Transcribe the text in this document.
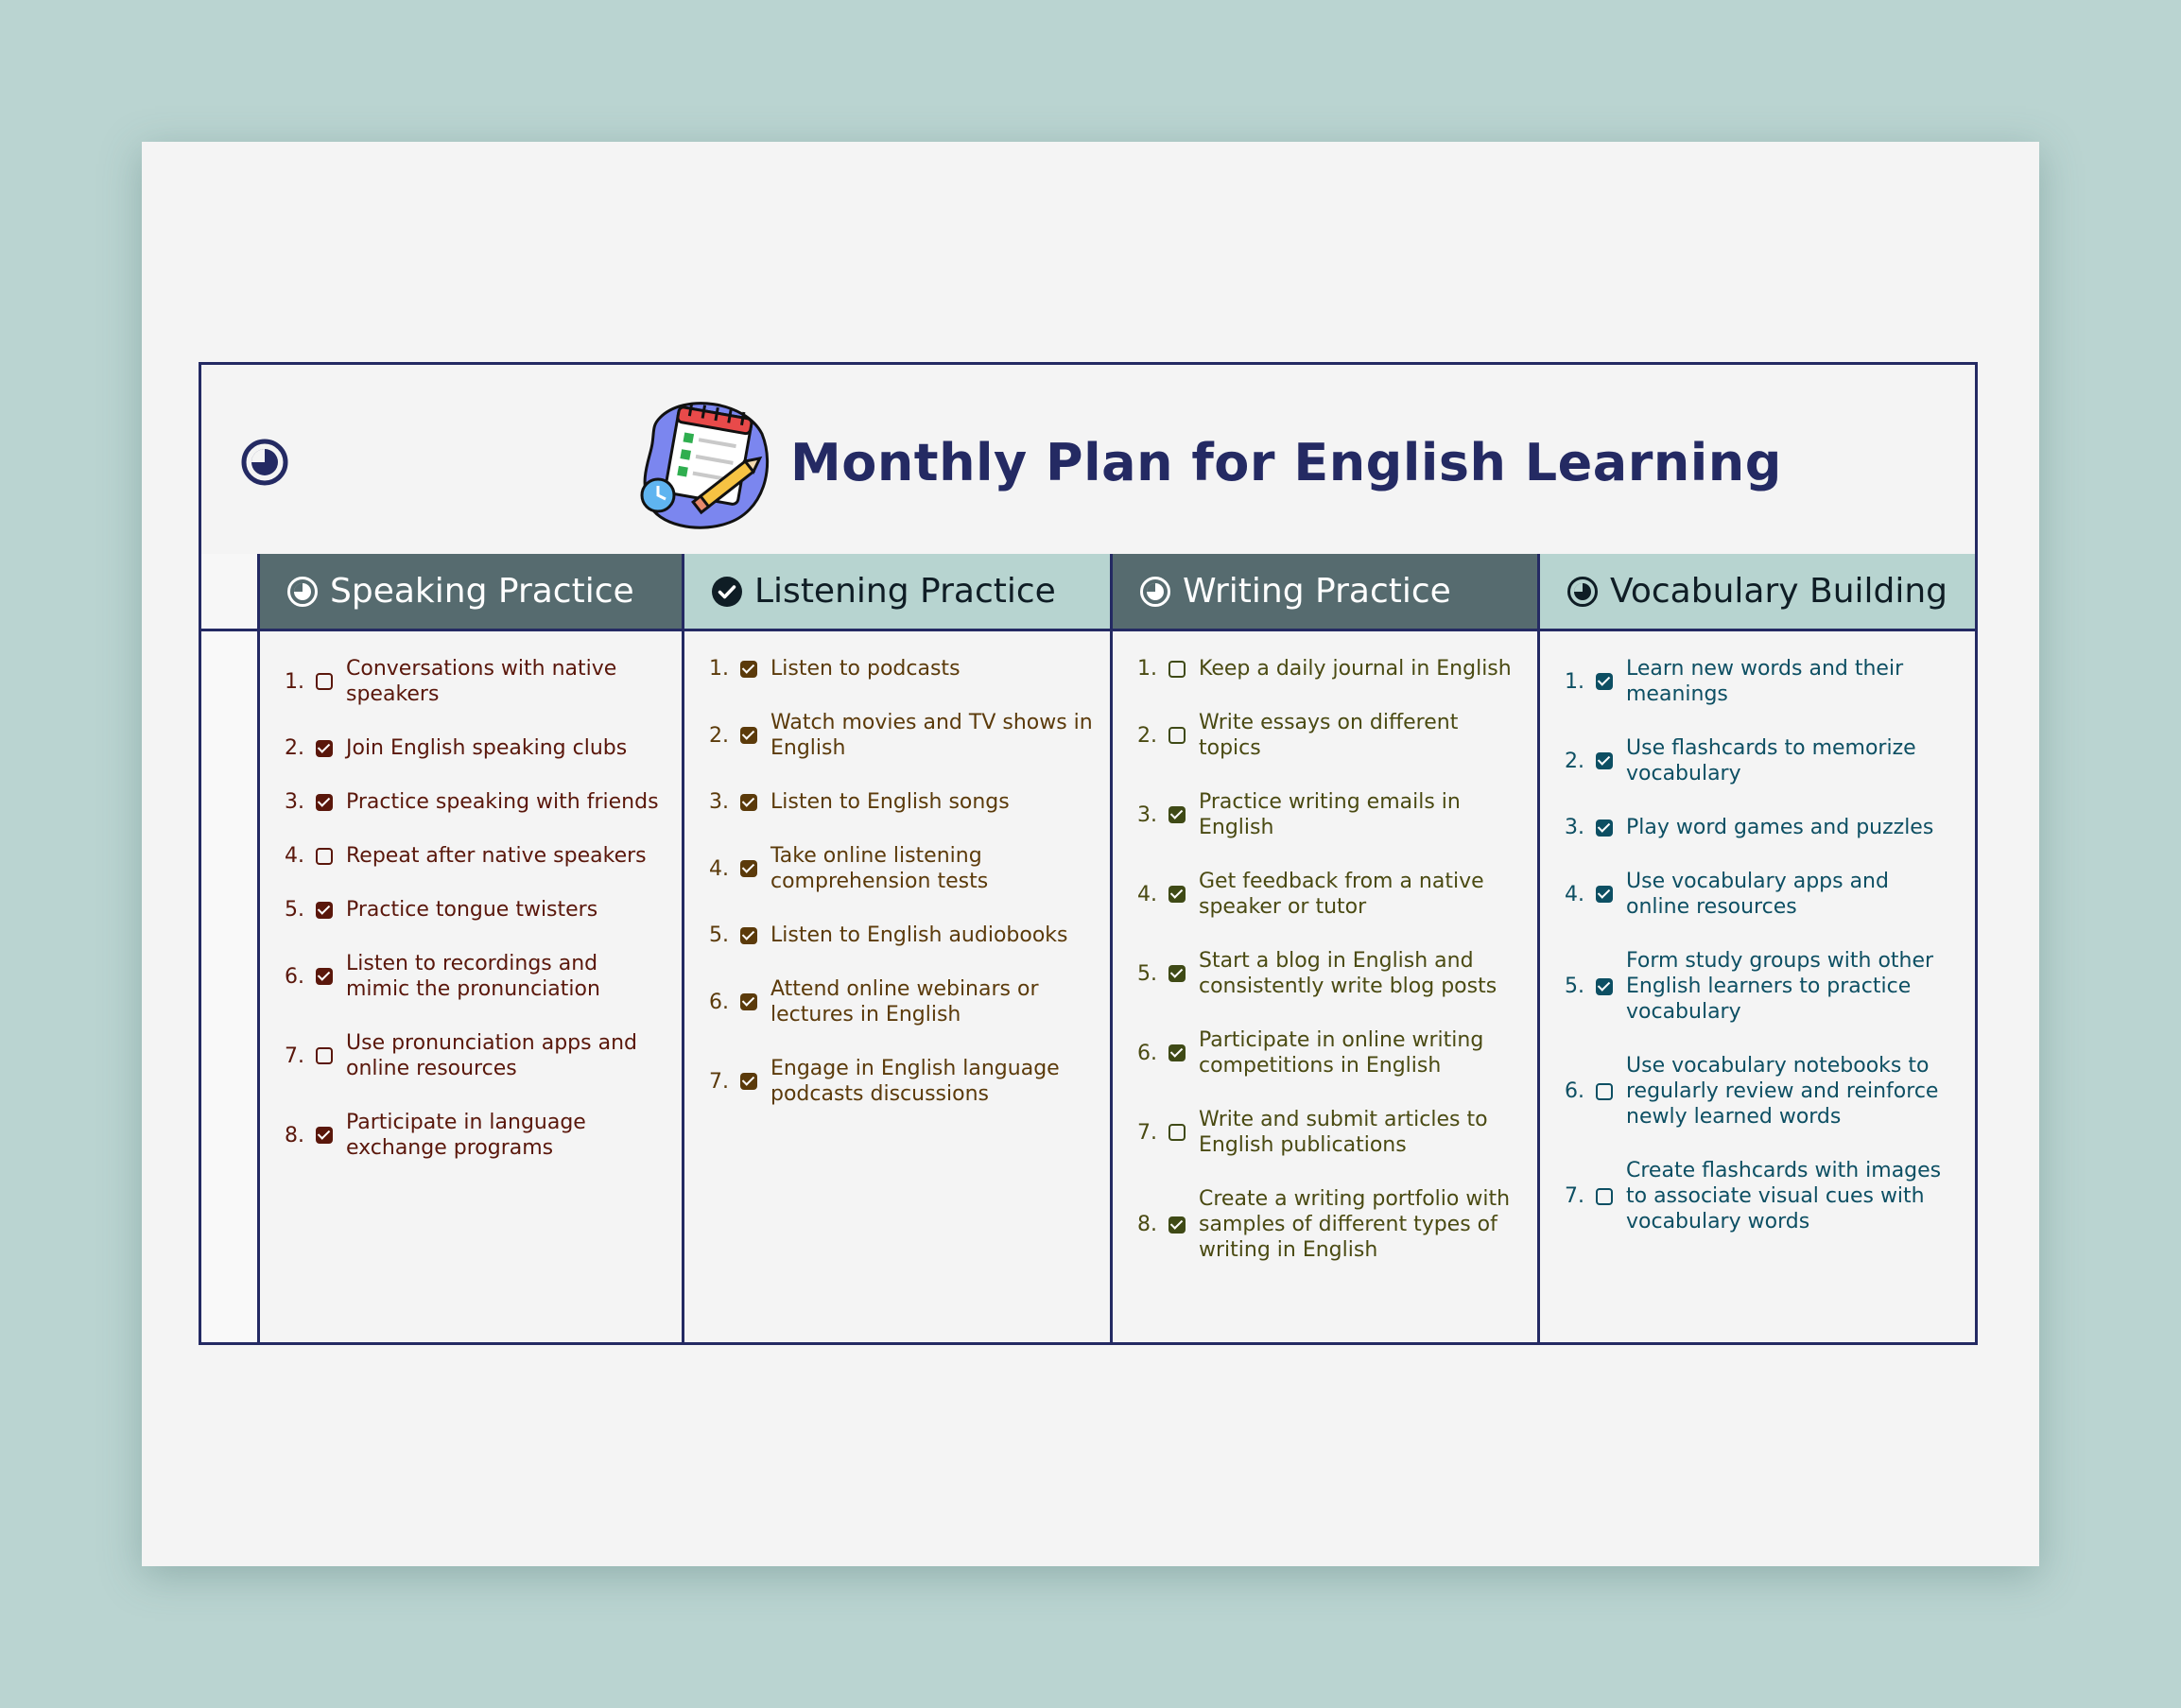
Monthly Plan for English Learning
Speaking Practice
1.
Conversations with native speakers
2. Join English speaking clubs
3. Practice speaking with friends
4. Repeat after native speakers
5. Practice tongue twisters
6.
Listen to recordings and mimic the pronunciation
7.
Use pronunciation apps and online resources
8.
Participate in language exchange programs
Listening Practice
1. Listen to podcasts
2.
Watch movies and TV shows in English
3. Listen to English songs
4.
Take online listening comprehension tests
5. Listen to English audiobooks
6.
Attend online webinars or lectures in English
7.
Engage in English language podcasts discussions
Writing Practice
1. Keep a daily journal in English
2.
Write essays on different topics
3.
Practice writing emails in English
4.
Get feedback from a native speaker or tutor
5.
Start a blog in English and consistently write blog posts
6.
Participate in online writing competitions in English
7.
Write and submit articles to English publications
8.
Create a writing portfolio with samples of different types of writing in English
Vocabulary Building
1.
Learn new words and their meanings
2.
Use flashcards to memorize vocabulary
3. Play word games and puzzles
4.
Use vocabulary apps and online resources
5.
Form study groups with other English learners to practice vocabulary
6.
Use vocabulary notebooks to regularly review and reinforce newly learned words
7.
Create flashcards with images to associate visual cues with vocabulary words
